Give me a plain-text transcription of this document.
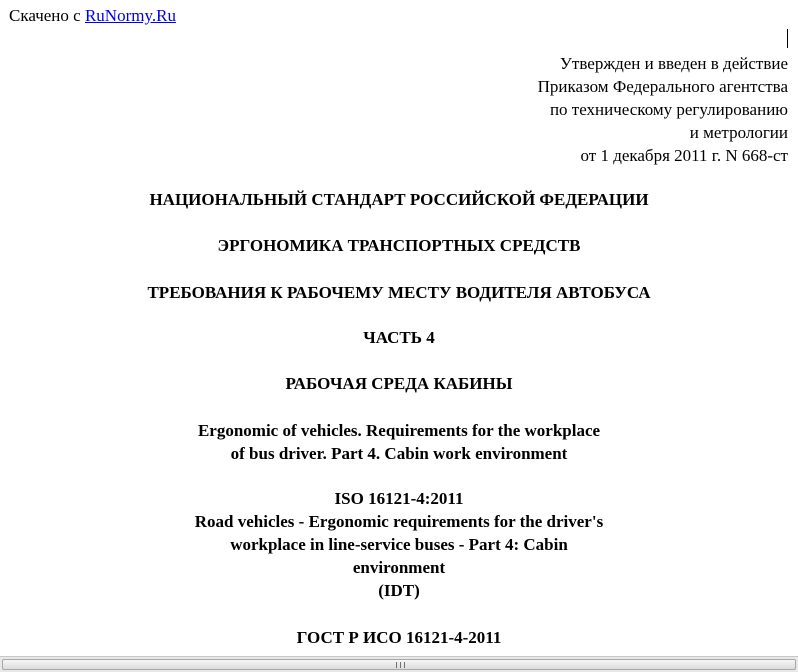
Скачено с RuNormy.Ru
Утвержден и введен в действие
Приказом Федерального агентства
по техническому регулированию
и метрологии
от 1 декабря 2011 г. N 668-ст
НАЦИОНАЛЬНЫЙ СТАНДАРТ РОССИЙСКОЙ ФЕДЕРАЦИИ
ЭРГОНОМИКА ТРАНСПОРТНЫХ СРЕДСТВ
ТРЕБОВАНИЯ К РАБОЧЕМУ МЕСТУ ВОДИТЕЛЯ АВТОБУСА
ЧАСТЬ 4
РАБОЧАЯ СРЕДА КАБИНЫ
Ergonomic of vehicles. Requirements for the workplace
of bus driver. Part 4. Cabin work environment
ISO 16121-4:2011
Road vehicles - Ergonomic requirements for the driver's
workplace in line-service buses - Part 4: Cabin
environment
(IDT)
ГОСТ Р ИСО 16121-4-2011
